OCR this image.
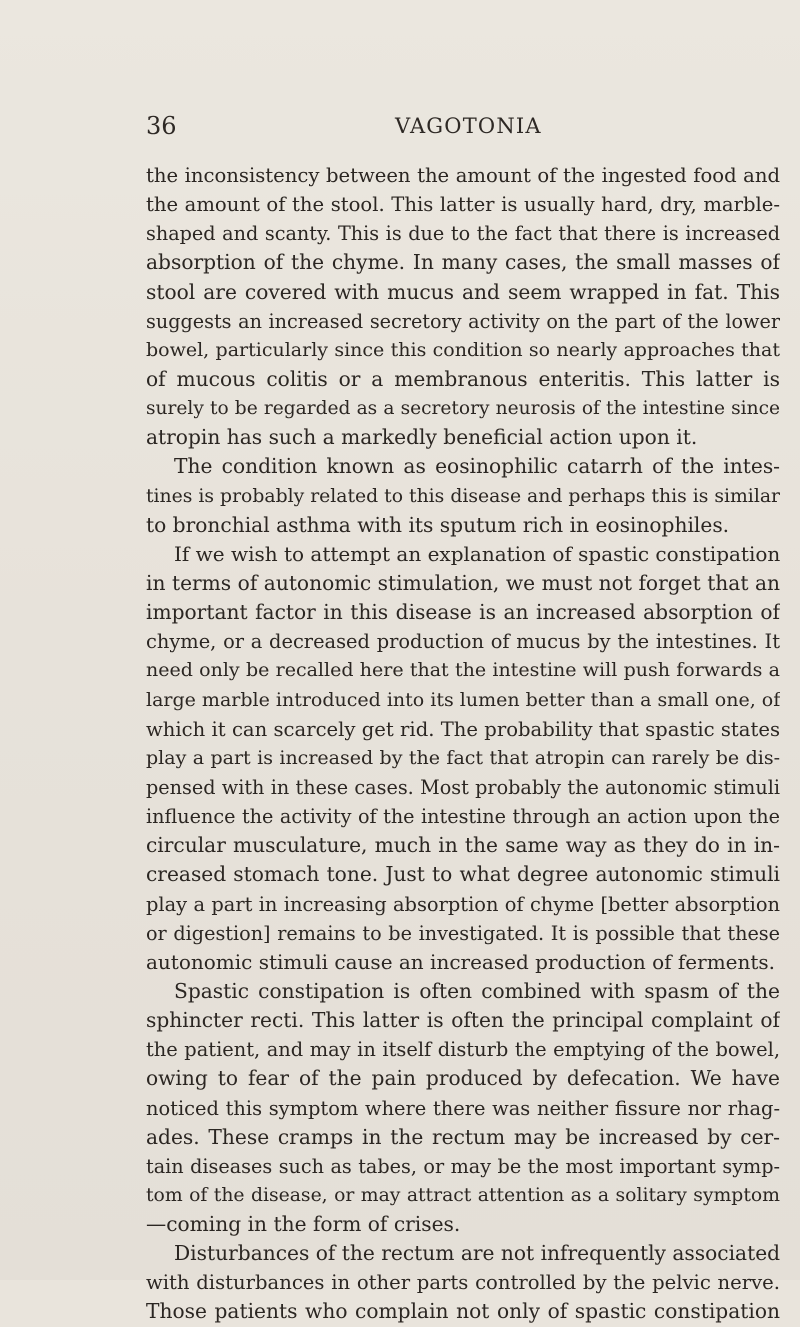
36	VAGOTONIA
the inconsistency between the amount of the ingested food and
the amount of the stool. This latter is usually hard, dry, marble-
shaped and scanty. This is due to the fact that there is increased
absorption of the chyme. In many cases, the small masses of
stool are covered with mucus and seem wrapped in fat. This
suggests an increased secretory activity on the part of the lower
bowel, particularly since this condition so nearly approaches that
of mucous colitis or a membranous enteritis. This latter is
surely to be regarded as a secretory neurosis of the intestine since
atropin has such a markedly beneficial action upon it.
The condition known as eosinophilic catarrh of the intes-
tines is probably related to this disease and perhaps this is similar
to bronchial asthma with its sputum rich in eosinophiles.
If we wish to attempt an explanation of spastic constipation
in terms of autonomic stimulation, we must not forget that an
important factor in this disease is an increased absorption of
chyme, or a decreased production of mucus by the intestines. It
need only be recalled here that the intestine will push forwards a
large marble introduced into its lumen better than a small one, of
which it can scarcely get rid. The probability that spastic states
play a part is increased by the fact that atropin can rarely be dis-
pensed with in these cases. Most probably the autonomic stimuli
influence the activity of the intestine through an action upon the
circular musculature, much in the same way as they do in in-
creased stomach tone. Just to what degree autonomic stimuli
play a part in increasing absorption of chyme [better absorption
or digestion] remains to be investigated. It is possible that these
autonomic stimuli cause an increased production of ferments.
Spastic constipation is often combined with spasm of the
sphincter recti. This latter is often the principal complaint of
the patient, and may in itself disturb the emptying of the bowel,
owing to fear of the pain produced by defecation. We have
noticed this symptom where there was neither fissure nor rhag-
ades. These cramps in the rectum may be increased by cer-
tain diseases such as tabes, or may be the most important symp-
tom of the disease, or may attract attention as a solitary symptom
—coming in the form of crises.
Disturbances of the rectum are not infrequently associated
with disturbances in other parts controlled by the pelvic nerve.
Those patients who complain not only of spastic constipation
